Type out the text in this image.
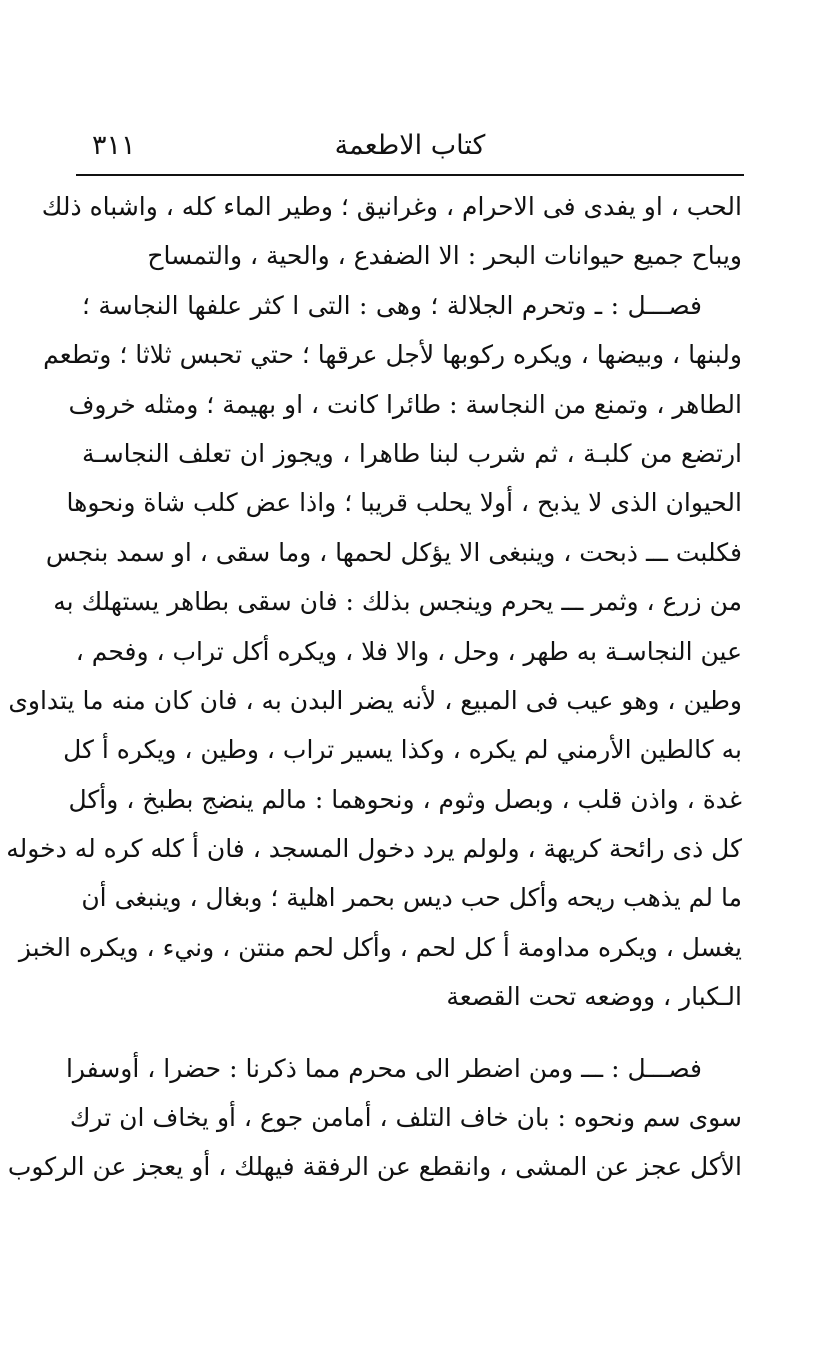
٣١١	كتاب الاطعمة
الحب ، او يفدى فى الاحرام ، وغرانيق ؛ وطير الماء كله ، واشباه ذلك
ويباح جميع حيوانات البحر : الا الضفدع ، والحية ، والتمساح
فصـــل : ـ وتحرم الجلالة ؛ وهى : التى ا كثر علفها النجاسة ؛
ولبنها ، وبيضها ، ويكره ركوبها لأجل عرقها ؛ حتي تحبس ثلاثا ؛ وتطعم
الطاهر ، وتمنع من النجاسة : طائرا كانت ، او بهيمة ؛ ومثله خروف
ارتضع من كلبـة ، ثم شرب لبنا طاهرا ، ويجوز ان تعلف النجاسـة
الحيوان الذى لا يذبح ، أولا يحلب قريبا ؛ واذا عض كلب شاة ونحوها
فكلبت ـــ ذبحت ، وينبغى الا يؤكل لحمها ، وما سقى ، او سمد بنجس
من زرع ، وثمر ـــ يحرم وينجس بذلك : فان سقى بطاهر يستهلك به
عين النجاسـة به طهر ، وحل ، والا فلا ، ويكره أكل تراب ، وفحم ،
وطين ، وهو عيب فى المبيع ، لأنه يضر البدن به ، فان كان منه ما يتداوى
به كالطين الأرمني لم يكره ، وكذا يسير تراب ، وطين ، ويكره أ كل
غدة ، واذن قلب ، وبصل وثوم ، ونحوهما : مالم ينضج بطبخ ، وأكل
كل ذى رائحة كريهة ، ولولم يرد دخول المسجد ، فان أ كله كره له دخوله
ما لم يذهب ريحه وأكل حب ديس بحمر اهلية ؛ وبغال ، وينبغى أن
يغسل ، ويكره مداومة أ كل لحم ، وأكل لحم منتن ، ونيء ، ويكره الخبز
الـكبار ، ووضعه تحت القصعة
فصـــل : ـــ ومن اضطر الى محرم مما ذكرنا : حضرا ، أوسفرا
سوى سم ونحوه : بان خاف التلف ، أمامن جوع ، أو يخاف ان ترك
الأكل عجز عن المشى ، وانقطع عن الرفقة فيهلك ، أو يعجز عن الركوب
